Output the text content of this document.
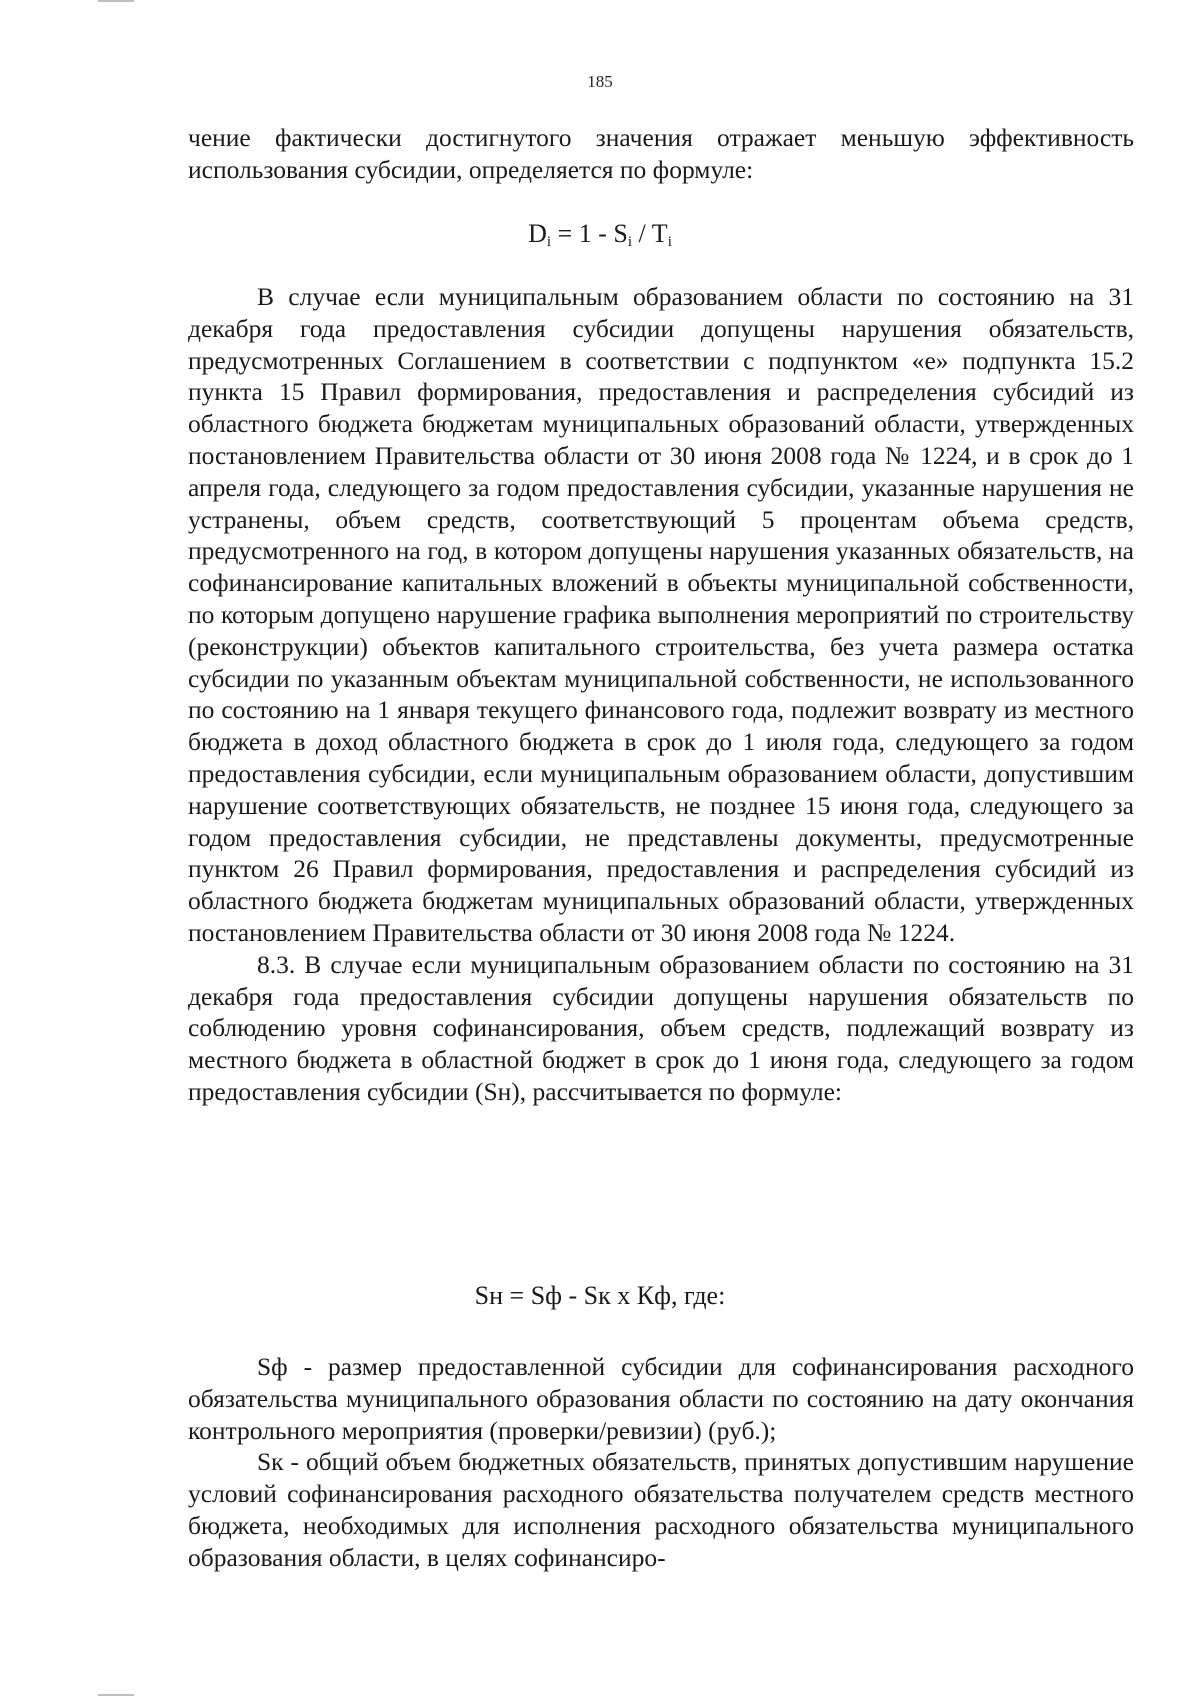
185
чение фактически достигнутого значения отражает меньшую эффективность использования субсидии, определяется по формуле:
$D_i = 1 - S_i / T_i$

В случае если муниципальным образованием области по состоянию на 31 декабря года предоставления субсидии допущены нарушения обязательств, предусмотренных Соглашением в соответствии с подпунктом «е» подпункта 15.2 пункта 15 Правил формирования, предоставления и распределения субсидий из областного бюджета бюджетам муниципальных образований области, утвержденных постановлением Правительства области от 30 июня 2008 года № 1224, и в срок до 1 апреля года, следующего за годом предоставления субсидии, указанные нарушения не устранены, объем средств, соответствующий 5 процентам объема средств, предусмотренного на год, в котором допущены нарушения указанных обязательств, на софинансирование капитальных вложений в объекты муниципальной собственности, по которым допущено нарушение графика выполнения мероприятий по строительству (реконструкции) объектов капитального строительства, без учета размера остатка субсидии по указанным объектам муниципальной собственности, не использованного по состоянию на 1 января текущего финансового года, подлежит возврату из местного бюджета в доход областного бюджета в срок до 1 июля года, следующего за годом предоставления субсидии, если муниципальным образованием области, допустившим нарушение соответствующих обязательств, не позднее 15 июня года, следующего за годом предоставления субсидии, не представлены документы, предусмотренные пунктом 26 Правил формирования, предоставления и распределения субсидий из областного бюджета бюджетам муниципальных образований области, утвержденных постановлением Правительства области от 30 июня 2008 года № 1224.

8.3. В случае если муниципальным образованием области по состоянию на 31 декабря года предоставления субсидии допущены нарушения обязательств по соблюдению уровня софинансирования, объем средств, подлежащий возврату из местного бюджета в областной бюджет в срок до 1 июня года, следующего за годом предоставления субсидии (Sн), рассчитывается по формуле:

Sн = Sф - Sк x Кф, где:

Sф - размер предоставленной субсидии для софинансирования расходного обязательства муниципального образования области по состоянию на дату окончания контрольного мероприятия (проверки/ревизии) (руб.);

Sк - общий объем бюджетных обязательств, принятых допустившим нарушение условий софинансирования расходного обязательства получателем средств местного бюджета, необходимых для исполнения расходного обязательства муниципального образования области, в целях софинансиро-
